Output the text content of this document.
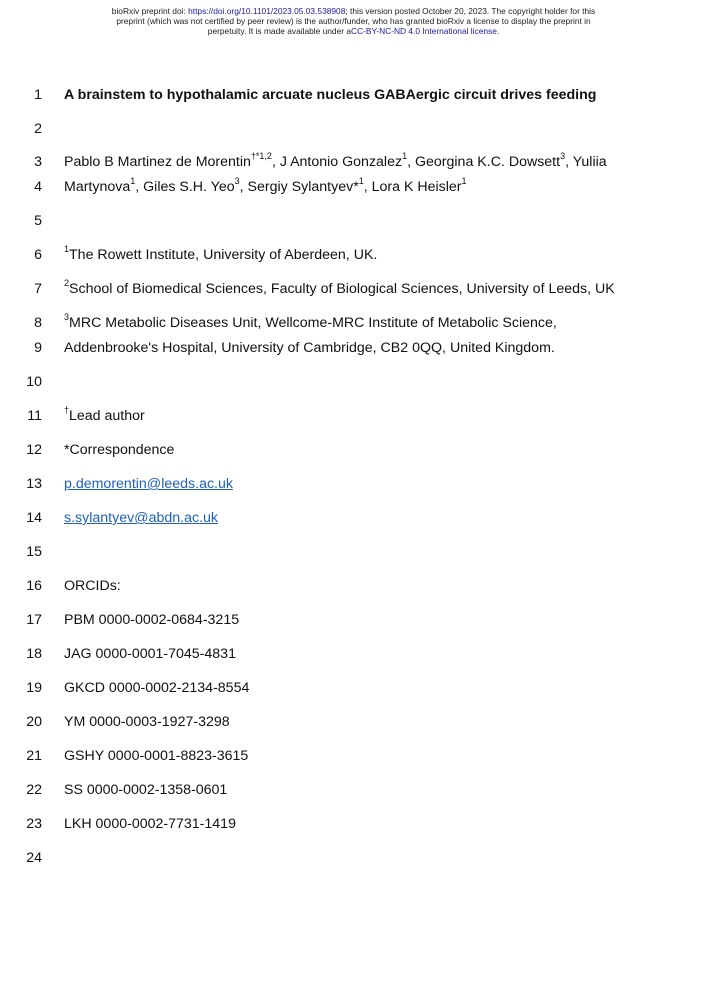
bioRxiv preprint doi: https://doi.org/10.1101/2023.05.03.538908; this version posted October 20, 2023. The copyright holder for this
preprint (which was not certified by peer review) is the author/funder, who has granted bioRxiv a license to display the preprint in
perpetuity. It is made available under aCC-BY-NC-ND 4.0 International license.
1 A brainstem to hypothalamic arcuate nucleus GABAergic circuit drives feeding
2
3 Pablo B Martinez de Morentin$^{\dagger*1,2}$, J Antonio Gonzalez$^1$, Georgina K.C. Dowsett$^3$, Yuliia
4 Martynova$^1$, Giles S.H. Yeo$^3$, Sergiy Sylantyev*$^1$, Lora K Heisler$^1$
5
6 $^1$The Rowett Institute, University of Aberdeen, UK.
7 $^2$School of Biomedical Sciences, Faculty of Biological Sciences, University of Leeds, UK
8 $^3$MRC Metabolic Diseases Unit, Wellcome-MRC Institute of Metabolic Science,
9 Addenbrooke's Hospital, University of Cambridge, CB2 0QQ, United Kingdom.
10
11 †Lead author
12 *Correspondence
13 p.demorentin@leeds.ac.uk
14 s.sylantyev@abdn.ac.uk
15
16 ORCIDs:
17 PBM 0000-0002-0684-3215
18 JAG 0000-0001-7045-4831
19 GKCD 0000-0002-2134-8554
20 YM 0000-0003-1927-3298
21 GSHY 0000-0001-8823-3615
22 SS 0000-0002-1358-0601
23 LKH 0000-0002-7731-1419
24
